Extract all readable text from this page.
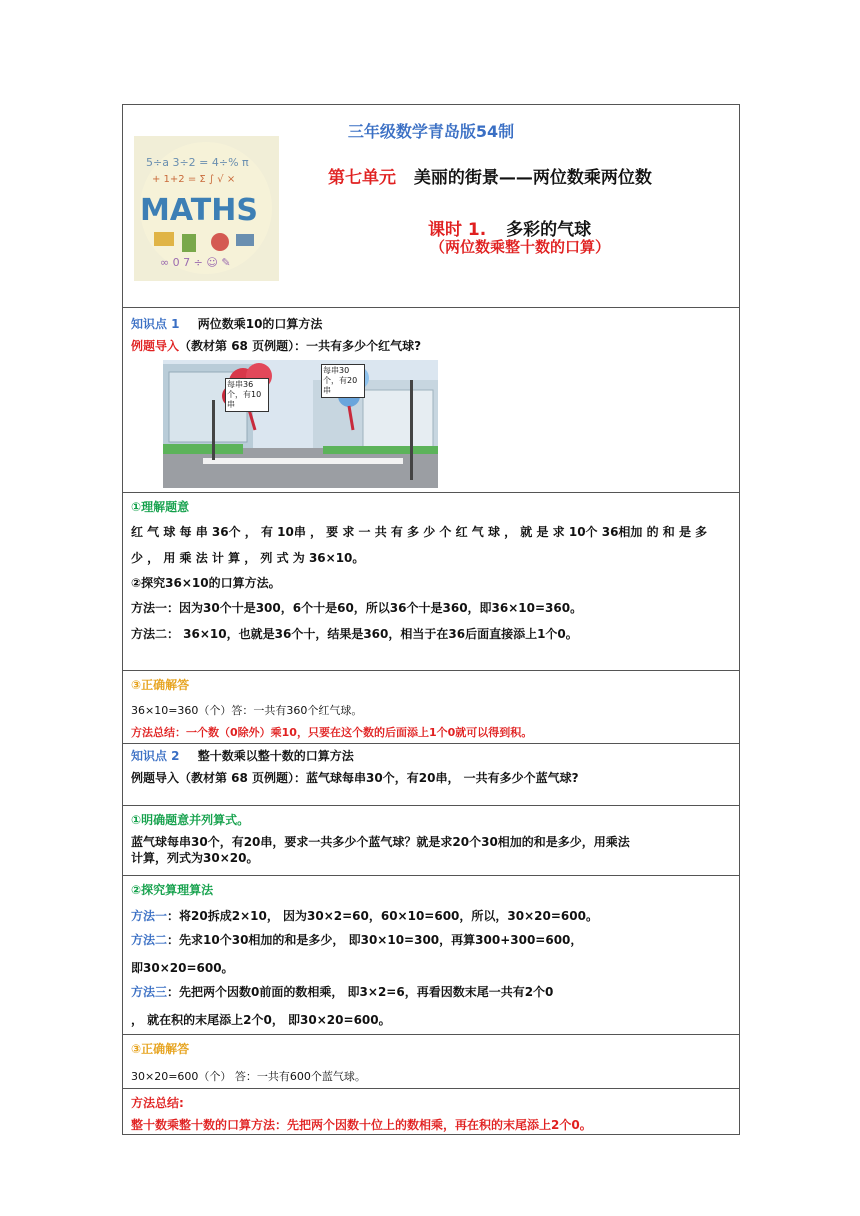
5÷a 3÷2 = 4÷% π
+ 1+2 = Σ ∫ √ ×
MATHS
∞ 0 7 ÷ ☺ ✎
三年级数学青岛版54制
第七单元 美丽的街景——两位数乘两位数
课时 1. 多彩的气球
（两位数乘整十数的口算）
知识点 1 两位数乘10的口算方法
例题导入（教材第 68 页例题）：一共有多少个红气球?
每串36个，有10串
每串30个，有20串
①理解题意
红 气 球 每 串 36个 ， 有 10串 ， 要 求 一 共 有 多 少 个 红 气 球 ， 就 是 求 10个 36相加 的 和 是 多
少 ， 用 乘 法 计 算 ， 列 式 为 36×10。
②探究36×10的口算方法。
方法一：因为30个十是300，6个十是60，所以36个十是360，即36×10=360。
方法二： 36×10，也就是36个十，结果是360，相当于在36后面直接添上1个0。
③正确解答
36×10=360（个）答：一共有360个红气球。
方法总结：一个数（0除外）乘10，只要在这个数的后面添上1个0就可以得到积。
知识点 2 整十数乘以整十数的口算方法
例题导入（教材第 68 页例题）：蓝气球每串30个，有20串， 一共有多少个蓝气球?
①明确题意并列算式。
蓝气球每串30个，有20串，要求一共多少个蓝气球？就是求20个30相加的和是多少，用乘法
计算，列式为30×20。
②探究算理算法
方法一：将20拆成2×10， 因为30×2=60，60×10=600，所以，30×20=600。
方法二：先求10个30相加的和是多少， 即30×10=300，再算300+300=600，
即30×20=600。
方法三：先把两个因数0前面的数相乘， 即3×2=6，再看因数末尾一共有2个0
， 就在积的末尾添上2个0， 即30×20=600。
③正确解答
30×20=600（个） 答：一共有600个蓝气球。
方法总结:
整十数乘整十数的口算方法：先把两个因数十位上的数相乘，再在积的末尾添上2个0。
